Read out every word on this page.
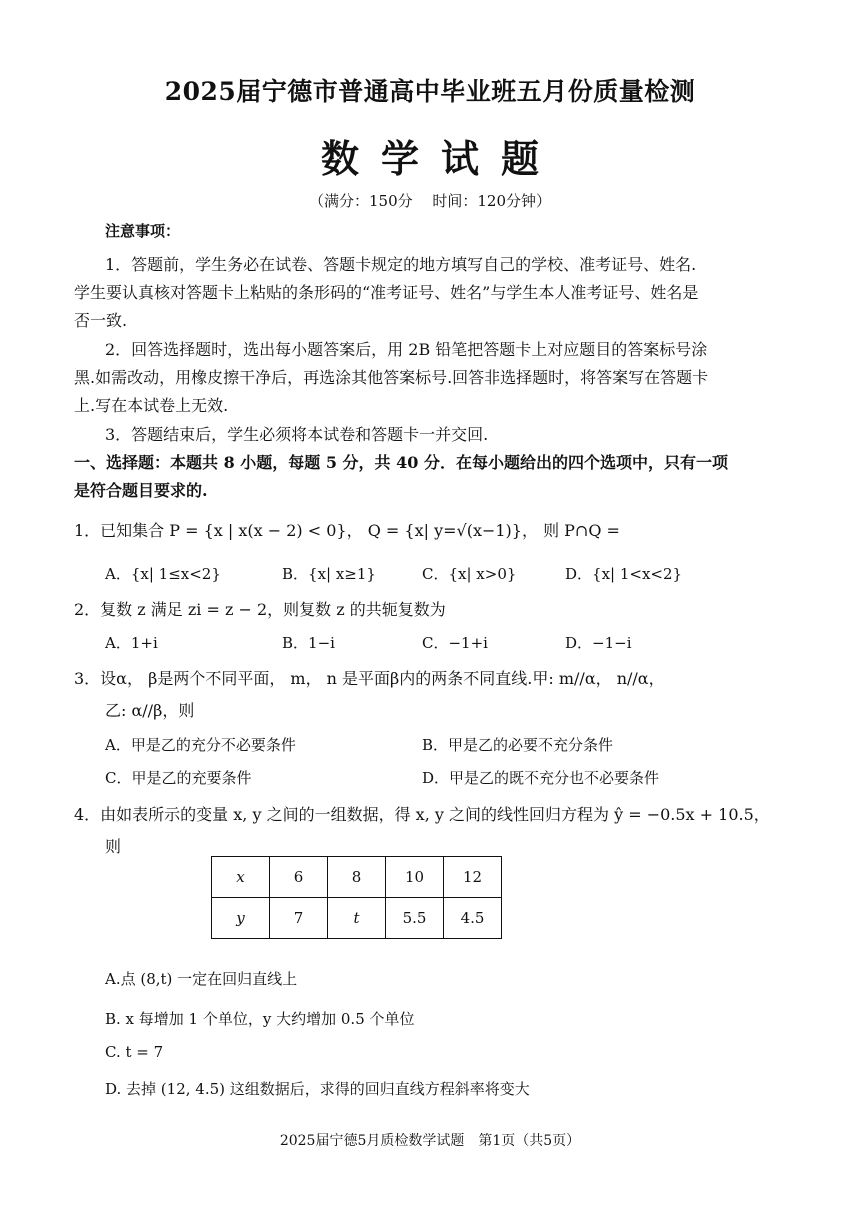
2025届宁德市普通高中毕业班五月份质量检测
数学试题
（满分：150分　 时间：120分钟）
注意事项：
1．答题前，学生务必在试卷、答题卡规定的地方填写自己的学校、准考证号、姓名.
学生要认真核对答题卡上粘贴的条形码的“准考证号、姓名”与学生本人准考证号、姓名是
否一致.
2．回答选择题时，选出每小题答案后，用 2B 铅笔把答题卡上对应题目的答案标号涂
黑.如需改动，用橡皮擦干净后，再选涂其他答案标号.回答非选择题时，将答案写在答题卡
上.写在本试卷上无效.
3．答题结束后，学生必须将本试卷和答题卡一并交回.
一、选择题：本题共 8 小题，每题 5 分，共 40 分．在每小题给出的四个选项中，只有一项
是符合题目要求的.
1．已知集合 P = {x | x(x − 2) < 0}， Q = {x| y=√(x−1)}， 则 P∩Q =
A．{x| 1≤x<2}	B．{x| x≥1}	C．{x| x>0}	D．{x| 1<x<2}
2．复数 z 满足 zi = z − 2，则复数 z 的共轭复数为
A．1+i	B．1−i	C．−1+i	D．−1−i
3．设α， β是两个不同平面， m， n 是平面β内的两条不同直线.甲: m//α， n//α，
乙: α//β，则
A．甲是乙的充分不必要条件	B．甲是乙的必要不充分条件
C．甲是乙的充要条件	D．甲是乙的既不充分也不必要条件
4．由如表所示的变量 x, y 之间的一组数据，得 x, y 之间的线性回归方程为 ŷ = −0.5x + 10.5，
则
x	6	8	10	12
y	7	t	5.5	4.5
A.点 (8,t) 一定在回归直线上
B. x 每增加 1 个单位，y 大约增加 0.5 个单位
C. t = 7
D. 去掉 (12, 4.5) 这组数据后，求得的回归直线方程斜率将变大
2025届宁德5月质检数学试题　第1页（共5页）
